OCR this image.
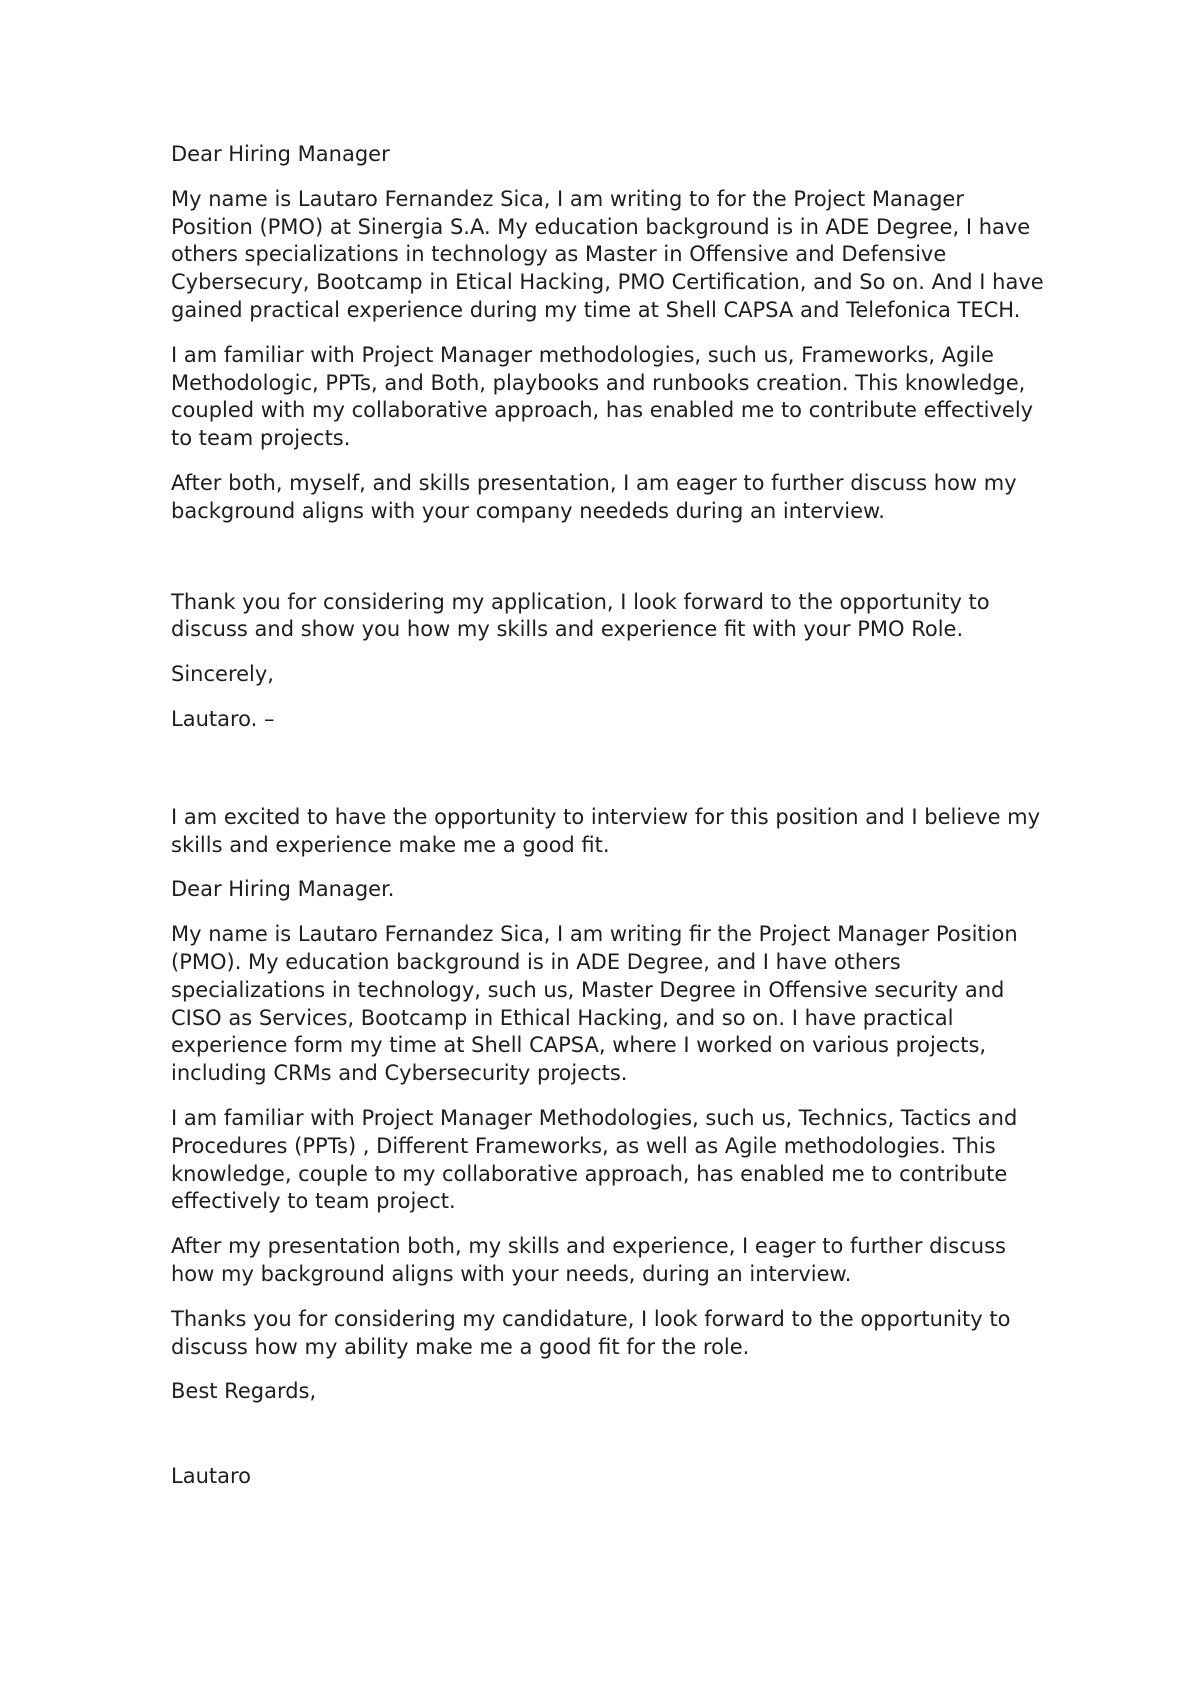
Dear Hiring Manager

My name is Lautaro Fernandez Sica, I am writing to for the Project Manager Position (PMO) at Sinergia S.A. My education background is in ADE Degree, I have others specializations in technology as Master in Offensive and Defensive Cybersecury, Bootcamp in Etical Hacking, PMO Certification, and So on. And I have gained practical experience during my time at Shell CAPSA and Telefonica TECH.

I am familiar with Project Manager methodologies, such us, Frameworks, Agile Methodologic, PPTs, and Both, playbooks and runbooks creation. This knowledge, coupled with my collaborative approach, has enabled me to contribute effectively to team projects.

After both, myself, and skills presentation, I am eager to further discuss how my background aligns with your company neededs during an interview.

Thank you for considering my application, I look forward to the opportunity to discuss and show you how my skills and experience fit with your PMO Role.

Sincerely,

Lautaro. –

I am excited to have the opportunity to interview for this position and I believe my skills and experience make me a good fit.

Dear Hiring Manager.

My name is Lautaro Fernandez Sica, I am writing fir the Project Manager Position (PMO). My education background is in ADE Degree, and I have others specializations in technology, such us, Master Degree in Offensive security and CISO as Services, Bootcamp in Ethical Hacking, and so on. I have practical experience form my time at Shell CAPSA, where I worked on various projects, including CRMs and Cybersecurity projects.

I am familiar with Project Manager Methodologies, such us, Technics, Tactics and Procedures (PPTs) , Different Frameworks, as well as Agile methodologies. This knowledge, couple to my collaborative approach, has enabled me to contribute effectively to team project.

After my presentation both, my skills and experience, I eager to further discuss how my background aligns with your needs, during an interview.

Thanks you for considering my candidature, I look forward to the opportunity to discuss how my ability make me a good fit for the role.

Best Regards,

Lautaro
